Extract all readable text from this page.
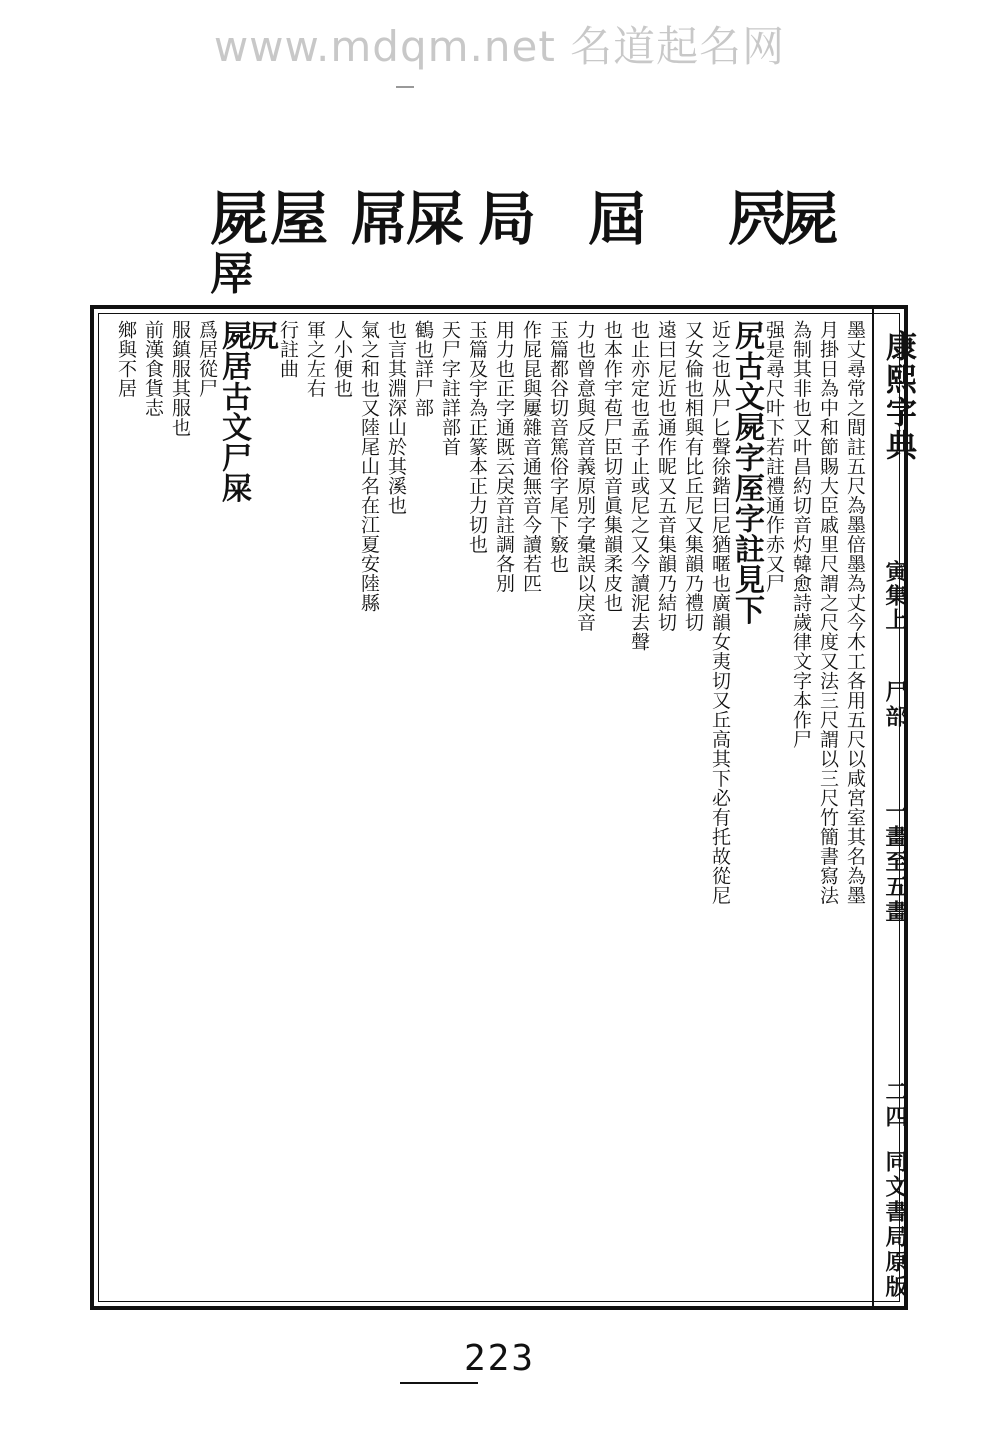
www.mdqm.net 名道起名网
屍
屖
屋 屌
屎 局 屆 屄
屍
康熙字典
寅集上
尸部
一畫至五畫
二四
同文書局原版
墨丈尋常之間註五尺為墨倍墨為丈今木工各用五尺以咸宮室其名為墨
月掛日為中和節賜大臣戚里尺謂之尺度又法三尺謂以三尺竹簡書寫法
為制其非也又叶昌約切音灼韓愈詩歲律文字本作尸
强是尋尺叶下若註禮通作赤又尸
尻古文屍字厔字註見下
近之也从尸匕聲徐鍇曰尼猶暱也廣韻女夷切又丘高其下必有托故從尼
又女倫也相與有比丘尼又集韻乃禮切
遠曰尼近也通作昵又五音集韻乃結切
也止亦定也孟子止或尼之又今讀泥去聲
也本作宇苞尸臣切音眞集韻柔皮也
力也曾意與反音義原別字彙誤以戾音
玉篇都谷切音篤俗字尾下竅也
作屁昆與屢雜音通無音今讀若匹
用力也正字通既云戾音註調各別
玉篇及宇為正篆本正力切也
天尸字註詳部首
鶴也詳尸部
也言其淵深山於其溪也
氣之和也又陸尾山名在江夏安陸縣
人小便也
軍之左右
行註曲
尻
屍居古文尸屎
爲居從尸
服鎮服其服也
前漢食貨志
鄉與不居
223
